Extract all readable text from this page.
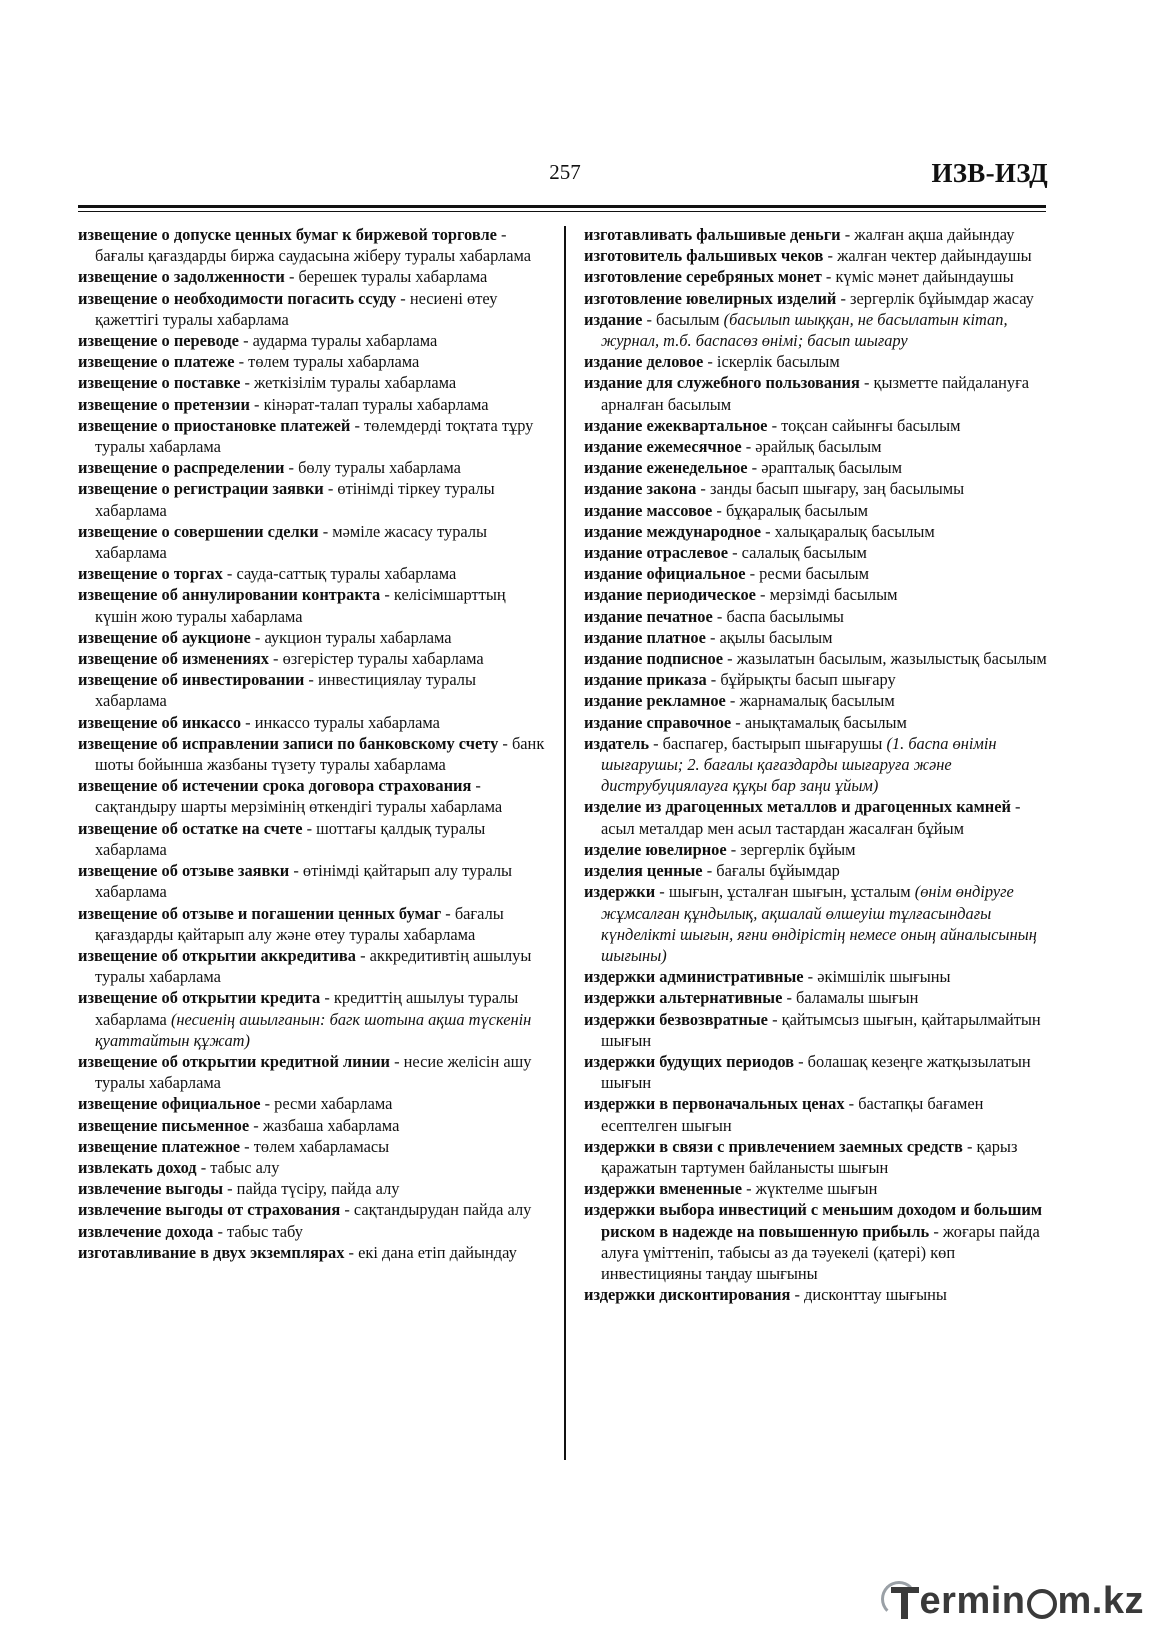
257	ИЗВ-ИЗД
извещение о допуске ценных бумаг к биржевой торговле - бағалы қағаздарды биржа саудасына жіберу туралы хабарлама
извещение о задолженности - берешек туралы хабарлама
извещение о необходимости погасить ссуду - несиені өтеу қажеттігі туралы хабарлама
извещение о переводе - аударма туралы хабарлама
извещение о платеже - төлем туралы хабарлама
извещение о поставке - жеткізілім туралы хабарлама
извещение о претензии - кінәрат-талап туралы хабарлама
извещение о приостановке платежей - төлемдерді тоқтата тұру туралы хабарлама
извещение о распределении - бөлу туралы хабарлама
извещение о регистрации заявки - өтінімді тіркеу туралы хабарлама
извещение о совершении сделки - мәміле жасасу туралы хабарлама
извещение о торгах - сауда-саттық туралы хабарлама
извещение об аннулировании контракта - келісімшарттың күшін жою туралы хабарлама
извещение об аукционе - аукцион туралы хабарлама
извещение об изменениях - өзгерістер туралы хабарлама
извещение об инвестировании - инвестициялау туралы хабарлама
извещение об инкассо - инкассо туралы хабарлама
извещение об исправлении записи по банковскому счету - банк шоты бойынша жазбаны түзету туралы хабарлама
извещение об истечении срока договора страхования - сақтандыру шарты мерзімінің өткендігі туралы хабарлама
извещение об остатке на счете - шоттағы қалдық туралы хабарлама
извещение об отзыве заявки - өтінімді қайтарып алу туралы хабарлама
извещение об отзыве и погашении ценных бумаг - бағалы қағаздарды қайтарып алу және өтеу туралы хабарлама
извещение об открытии аккредитива - аккредитивтің ашылуы туралы хабарлама
извещение об открытии кредита - кредиттің ашылуы туралы хабарлама (несиенің ашылғанын: багк шотына ақша түскенін қуаттайтын құжат)
извещение об открытии кредитной линии - несие желісін ашу туралы хабарлама
извещение официальное - ресми хабарлама
извещение письменное - жазбаша хабарлама
извещение платежное - төлем хабарламасы
извлекать доход - табыс алу
извлечение выгоды - пайда түсіру, пайда алу
извлечение выгоды от страхования - сақтандырудан пайда алу
извлечение дохода - табыс табу
изготавливание в двух экземплярах - екі дана етіп дайындау
изготавливать фальшивые деньги - жалған ақша дайындау
изготовитель фальшивых чеков - жалған чектер дайындаушы
изготовление серебряных монет - күміс мәнет дайындаушы
изготовление ювелирных изделий - зергерлік бұйымдар жасау
издание - басылым (басылып шыққан, не басылатын кітап, журнал, т.б. баспасөз өнімі; басып шығару
издание деловое - іскерлік басылым
издание для служебного пользования - қызметте пайдалануға арналған басылым
издание ежеквартальное - тоқсан сайынғы басылым
издание ежемесячное - әрайлық басылым
издание еженедельное - әрапталық басылым
издание закона - занды басып шығару, заң басылымы
издание массовое - бұқаралық басылым
издание международное - халықаралық басылым
издание отраслевое - салалық басылым
издание официальное - ресми басылым
издание периодическое - мерзімді басылым
издание печатное - баспа басылымы
издание платное - ақылы басылым
издание подписное - жазылатын басылым, жазылыстық басылым
издание приказа - бұйрықты басып шығару
издание рекламное - жарнамалық басылым
издание справочное - анықтамалық басылым
издатель - баспагер, бастырып шығарушы (1. баспа өнімін шығарушы; 2. бағалы қағаздарды шығаруға және диструбуциялауға құқы бар заңи ұйым)
изделие из драгоценных металлов и драгоценных камней - асыл металдар мен асыл тастардан жасалған бұйым
изделие ювелирное - зергерлік бұйым
изделия ценные - бағалы бұйымдар
издержки - шығын, ұсталған шығын, ұсталым (өнім өндіруге жұмсалған құндылық, ақшалай өлшеуіш тұлғасындағы күнделікті шығын, яғни өндірістің немесе оның айналысының шығыны)
издержки административные - әкімшілік шығыны
издержки альтернативные - баламалы шығын
издержки безвозвратные - қайтымсыз шығын, қайтарылмайтын шығын
издержки будущих периодов - болашақ кезеңге жатқызылатын шығын
издержки в первоначальных ценах - бастапқы бағамен есептелген шығын
издержки в связи с привлечением заемных средств - қарыз қаражатын тартумен байланысты шығын
издержки вмененные - жүктелме шығын
издержки выбора инвестиций с меньшим доходом и большим риском в надежде на повышенную прибыль - жоғары пайда алуға үміттеніп, табысы аз да тәуекелі (қатері) көп инвестицияны таңдау шығыны
издержки дисконтирования - дисконттау шығыны
ermin m.kz
